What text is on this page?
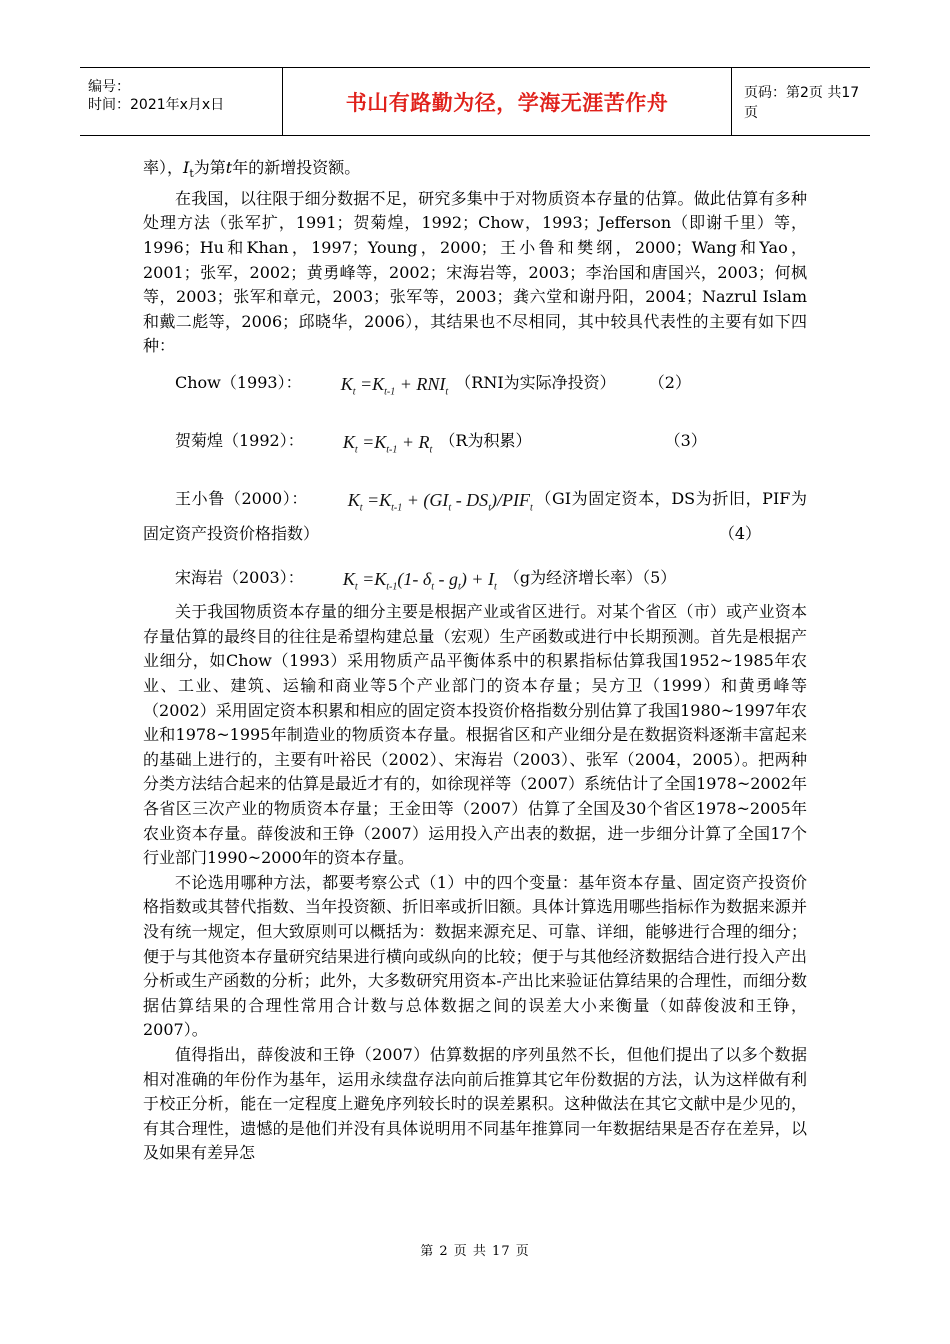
编号：
时间：2021年x月x日	书山有路勤为径，学海无涯苦作舟	页码：第2页 共17页

率），$I_t$为第t年的新增投资额。

在我国，以往限于细分数据不足，研究多集中于对物质资本存量的估算。做此估算有多种处理方法（张军扩，1991；贺菊煌，1992；Chow，1993；Jefferson（即谢千里）等，1996；Hu和Khan，1997；Young，2000；王小鲁和樊纲，2000；Wang和Yao，2001；张军，2002；黄勇峰等，2002；宋海岩等，2003；李治国和唐国兴，2003；何枫等，2003；张军和章元，2003；张军等，2003；龚六堂和谢丹阳，2004；Nazrul Islam和戴二彪等，2006；邱晓华，2006），其结果也不尽相同，其中较具代表性的主要有如下四种：

Chow（1993）： $K_t =K_{t-1} + RNI_t$ （RNI为实际净投资） （2）

贺菊煌（1992）： $K_t =K_{t-1} + R_t$ （R为积累）	（3）

王小鲁（2000）： $K_t =K_{t-1} + (GI_t - DS_t)/PIF_t(GI$为固定资本，DS为折旧，PIF为固定资产投资价格指数）	（4）

宋海岩（2003）： $K_t =K_{t-1}(1-$ $\delta_t - g_t) + I_t$ （g为经济增长率）（5）

关于我国物质资本存量的细分主要是根据产业或省区进行。对某个省区（市）或产业资本存量估算的最终目的往往是希望构建总量（宏观）生产函数或进行中长期预测。首先是根据产业细分，如Chow（1993）采用物质产品平衡体系中的积累指标估算我国1952~1985年农业、工业、建筑、运输和商业等5个产业部门的资本存量；吴方卫（1999）和黄勇峰等（2002）采用固定资本积累和相应的固定资本投资价格指数分别估算了我国1980~1997年农业和1978~1995年制造业的物质资本存量。根据省区和产业细分是在数据资料逐渐丰富起来的基础上进行的，主要有叶裕民（2002）、宋海岩（2003）、张军（2004，2005）。把两种分类方法结合起来的估算是最近才有的，如徐现祥等（2007）系统估计了全国1978~2002年各省区三次产业的物质资本存量；王金田等（2007）估算了全国及30个省区1978~2005年农业资本存量。薛俊波和王铮（2007）运用投入产出表的数据，进一步细分计算了全国17个行业部门1990~2000年的资本存量。

不论选用哪种方法，都要考察公式（1）中的四个变量：基年资本存量、固定资产投资价格指数或其替代指数、当年投资额、折旧率或折旧额。具体计算选用哪些指标作为数据来源并没有统一规定，但大致原则可以概括为：数据来源充足、可靠、详细，能够进行合理的细分；便于与其他资本存量研究结果进行横向或纵向的比较；便于与其他经济数据结合进行投入产出分析或生产函数的分析；此外，大多数研究用资本-产出比来验证估算结果的合理性，而细分数据估算结果的合理性常用合计数与总体数据之间的误差大小来衡量（如薛俊波和王铮，2007）。

值得指出，薛俊波和王铮（2007）估算数据的序列虽然不长，但他们提出了以多个数据相对准确的年份作为基年，运用永续盘存法向前后推算其它年份数据的方法，认为这样做有利于校正分析，能在一定程度上避免序列较长时的误差累积。这种做法在其它文献中是少见的，有其合理性，遗憾的是他们并没有具体说明用不同基年推算同一年数据结果是否存在差异，以及如果有差异怎

第 2 页 共 17 页
